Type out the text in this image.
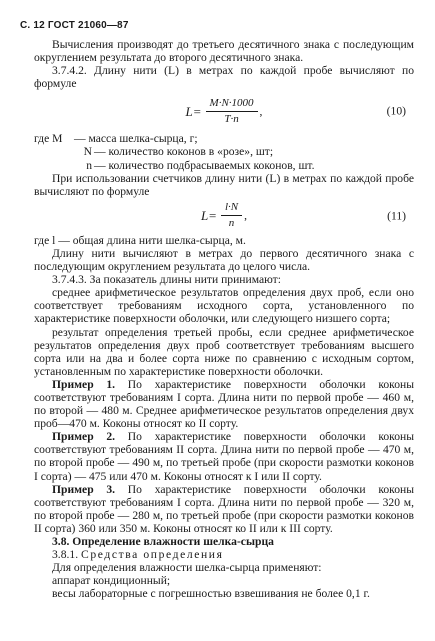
С. 12 ГОСТ 21060—87

Вычисления производят до третьего десятичного знака с последующим округлением результата до второго десятичного знака.

3.7.4.2. Длину нити (L) в метрах по каждой пробе вычисляют по формуле

$L= \frac{M\cdot N\cdot 1000}{T\cdot n}$ ,	(10)
где M — масса шелка-сырца, г;
N — количество коконов в «розе», шт;
n — количество подбрасываемых коконов, шт.

При использовании счетчиков длину нити (L) в метрах по каждой пробе вычисляют по формуле

$L= \frac{l\cdot N}{n}$ ,	(11)

где l — общая длина нити шелка-сырца, м.

Длину нити вычисляют в метрах до первого десятичного знака с последующим округлением результата до целого числа.

3.7.4.3. За показатель длины нити принимают:

среднее арифметическое результатов определения двух проб, если оно соответствует требованиям исходного сорта, установленного по характеристике поверхности оболочки, или следующего низшего сорта;

результат определения третьей пробы, если среднее арифметическое результатов определения двух проб соответствует требованиям высшего сорта или на два и более сорта ниже по сравнению с исходным сортом, установленным по характеристике поверхности оболочки.

Пример 1. По характеристике поверхности оболочки коконы соответствуют требованиям I сорта. Длина нити по первой пробе — 460 м, по второй — 480 м. Среднее арифметическое результатов определения двух проб—470 м. Коконы относят ко II сорту.

Пример 2. По характеристике поверхности оболочки коконы соответствуют требованиям II сорта. Длина нити по первой пробе — 470 м, по второй пробе — 490 м, по третьей пробе (при скорости размотки коконов I сорта) — 475 или 470 м. Коконы относят к I или II сорту.

Пример 3. По характеристике поверхности оболочки коконы соответствуют требованиям I сорта. Длина нити по первой пробе — 320 м, по второй пробе — 280 м, по третьей пробе (при скорости размотки коконов II сорта) 360 или 350 м. Коконы относят ко II или к III сорту.

3.8. Определение влажности шелка-сырца

3.8.1. Средства определения

Для определения влажности шелка-сырца применяют:

аппарат кондиционный;

весы лабораторные с погрешностью взвешивания не более 0,1 г.
